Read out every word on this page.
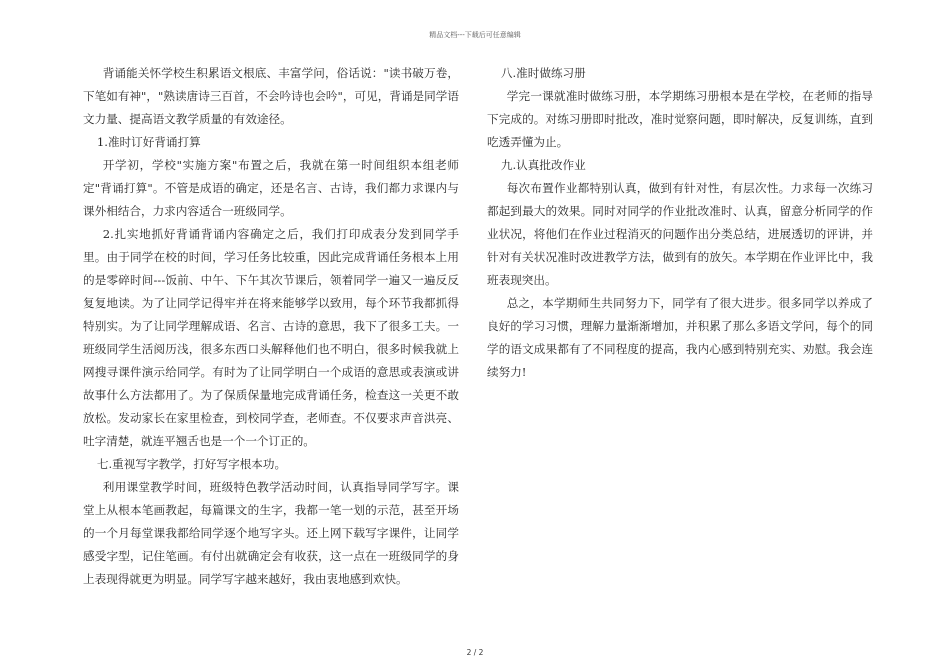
精品文档---下载后可任意编辑

背诵能关怀学校生积累语文根底、丰富学问，俗话说："读书破万卷，下笔如有神"，"熟读唐诗三百首，不会吟诗也会吟"，可见，背诵是同学语文力量、提高语文教学质量的有效途径。

1.准时订好背诵打算

开学初，学校"实施方案"布置之后，我就在第一时间组织本组老师定"背诵打算"。不管是成语的确定，还是名言、古诗，我们都力求课内与课外相结合，力求内容适合一班级同学。

2.扎实地抓好背诵背诵内容确定之后，我们打印成表分发到同学手里。由于同学在校的时间，学习任务比较重，因此完成背诵任务根本上用的是零碎时间---饭前、中午、下午其次节课后，领着同学一遍又一遍反反复复地读。为了让同学记得牢并在将来能够学以致用，每个环节我都抓得特别实。为了让同学理解成语、名言、古诗的意思，我下了很多工夫。一班级同学生活阅历浅，很多东西口头解释他们也不明白，很多时候我就上网搜寻课件演示给同学。有时为了让同学明白一个成语的意思或表演或讲故事什么方法都用了。为了保质保量地完成背诵任务，检查这一关更不敢放松。发动家长在家里检查，到校同学查，老师查。不仅要求声音洪亮、吐字清楚，就连平翘舌也是一个一个订正的。

七.重视写字教学，打好写字根本功。

利用课堂教学时间，班级特色教学活动时间，认真指导同学写字。课堂上从根本笔画教起，每篇课文的生字，我都一笔一划的示范，甚至开场的一个月每堂课我都给同学逐个地写字头。还上网下载写字课件，让同学感受字型，记住笔画。有付出就确定会有收获，这一点在一班级同学的身上表现得就更为明显。同学写字越来越好，我由衷地感到欢快。

八.准时做练习册

学完一课就准时做练习册，本学期练习册根本是在学校，在老师的指导下完成的。对练习册即时批改，准时觉察问题，即时解决，反复训练，直到吃透弄懂为止。

九.认真批改作业

每次布置作业都特别认真，做到有针对性，有层次性。力求每一次练习都起到最大的效果。同时对同学的作业批改准时、认真，留意分析同学的作业状况，将他们在作业过程消灭的问题作出分类总结，进展透切的评讲，并针对有关状况准时改进教学方法，做到有的放矢。本学期在作业评比中，我班表现突出。

总之，本学期师生共同努力下，同学有了很大进步。很多同学以养成了良好的学习习惯，理解力量渐渐增加，并积累了那么多语文学问，每个的同学的语文成果都有了不同程度的提高，我内心感到特别充实、劝慰。我会连续努力!

2 / 2
